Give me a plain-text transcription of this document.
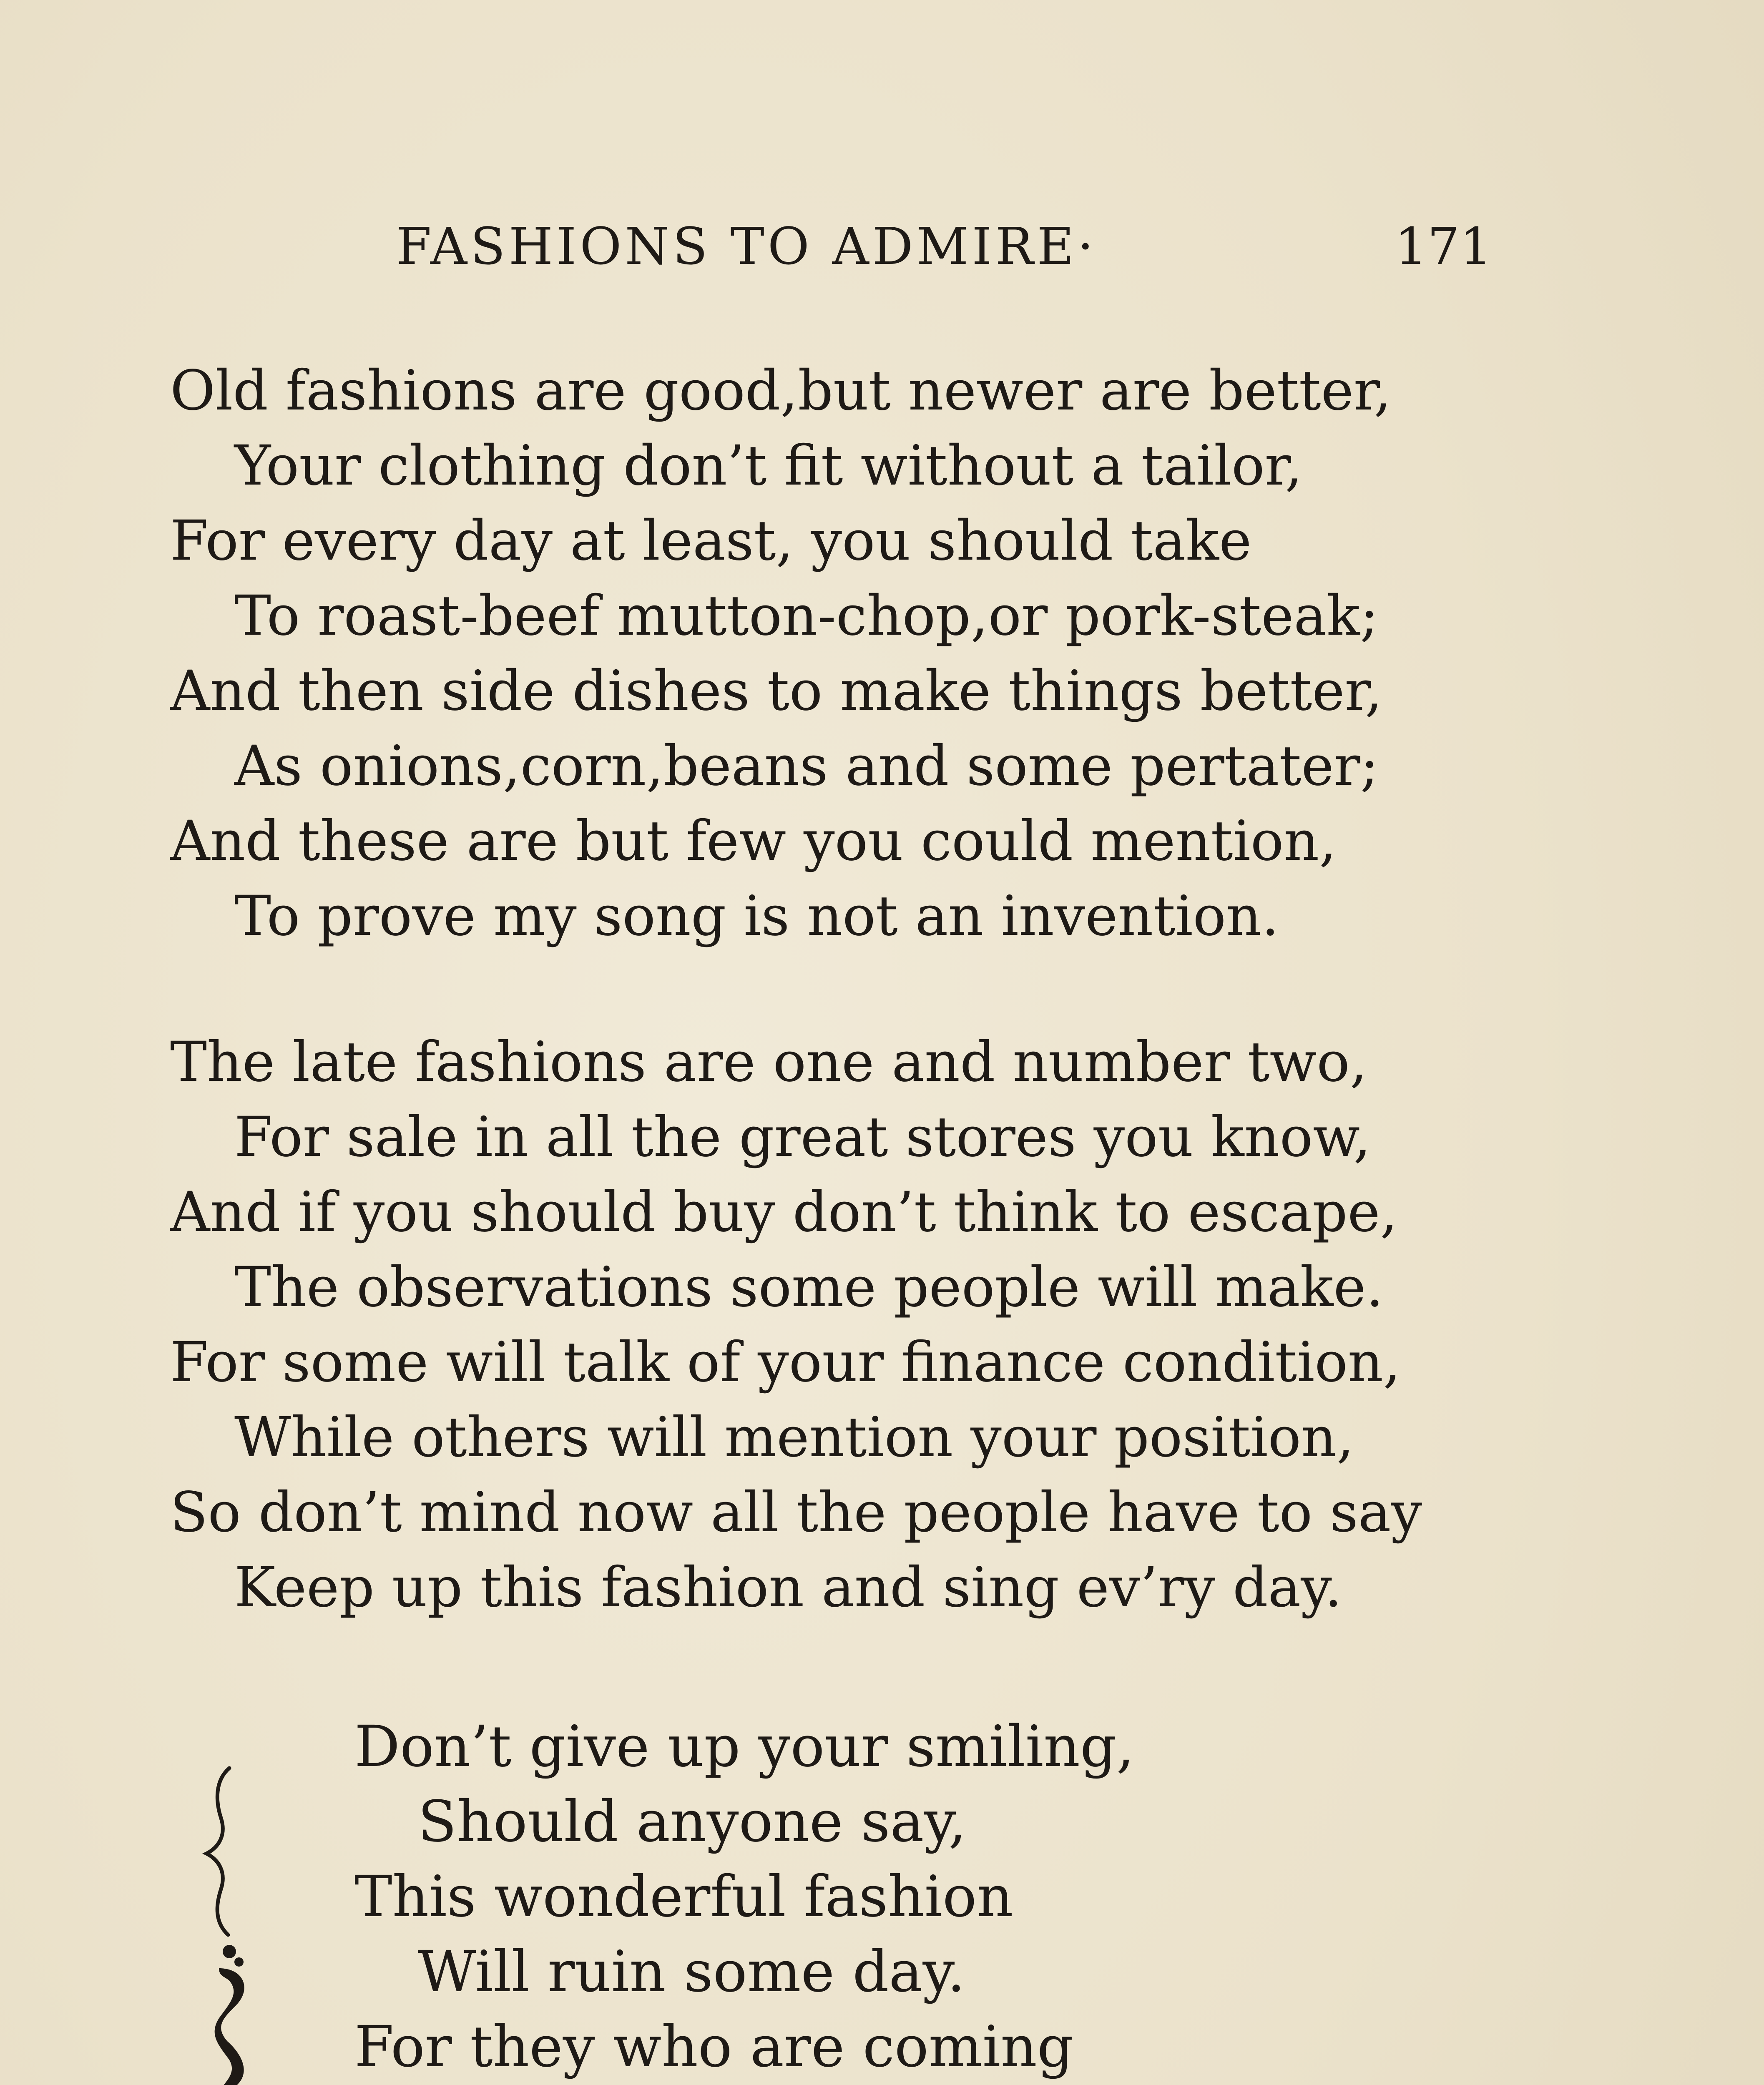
FASHIONS TO ADMIRE·	171
Old fashions are good,but newer are better,
Your clothing don’t fit without a tailor,
For every day at least, you should take
To roast-beef mutton-chop,or pork-steak;
And then side dishes to make things better,
As onions,corn,beans and some pertater;
And these are but few you could mention,
To prove my song is not an invention.
The late fashions are one and number two,
For sale in all the great stores you know,
And if you should buy don’t think to escape,
The observations some people will make.
For some will talk of your finance condition,
While others will mention your position,
So don’t mind now all the people have to say
Keep up this fashion and sing ev’ry day.
Don’t give up your smiling,
Should anyone say,
This wonderful fashion
Will ruin some day.
For they who are coming
